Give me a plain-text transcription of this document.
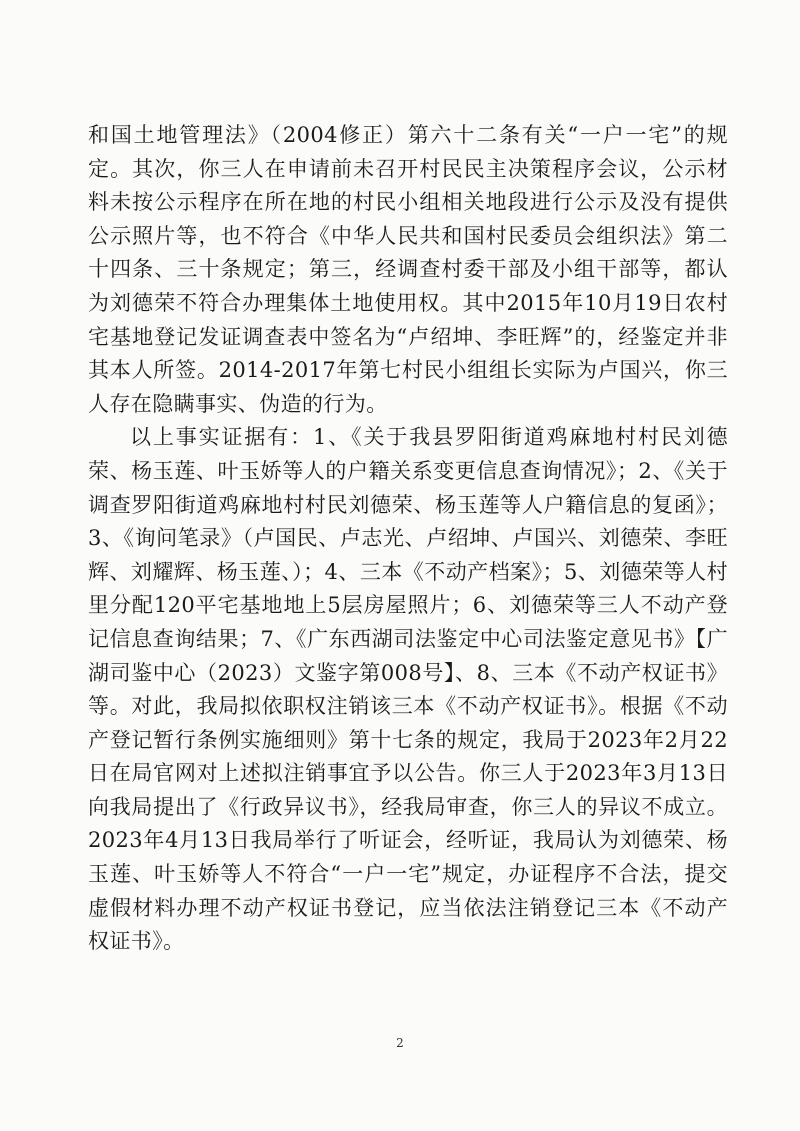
和国土地管理法》（2004修正）第六十二条有关“一户一宅”的规定。其次，你三人在申请前未召开村民民主决策程序会议，公示材料未按公示程序在所在地的村民小组相关地段进行公示及没有提供公示照片等，也不符合《中华人民共和国村民委员会组织法》第二十四条、三十条规定；第三，经调查村委干部及小组干部等，都认为刘德荣不符合办理集体土地使用权。其中2015年10月19日农村宅基地登记发证调查表中签名为“卢绍坤、李旺辉”的，经鉴定并非其本人所签。2014-2017年第七村民小组组长实际为卢国兴，你三人存在隐瞒事实、伪造的行为。

以上事实证据有：1、《关于我县罗阳街道鸡麻地村村民刘德荣、杨玉莲、叶玉娇等人的户籍关系变更信息查询情况》；2、《关于调查罗阳街道鸡麻地村村民刘德荣、杨玉莲等人户籍信息的复函》；3、《询问笔录》（卢国民、卢志光、卢绍坤、卢国兴、刘德荣、李旺辉、刘耀辉、杨玉莲、）；4、三本《不动产档案》；5、刘德荣等人村里分配120平宅基地地上5层房屋照片；6、刘德荣等三人不动产登记信息查询结果；7、《广东西湖司法鉴定中心司法鉴定意见书》【广湖司鉴中心（2023）文鉴字第008号】、8、三本《不动产权证书》等。对此，我局拟依职权注销该三本《不动产权证书》。根据《不动产登记暂行条例实施细则》第十七条的规定，我局于2023年2月22日在局官网对上述拟注销事宜予以公告。你三人于2023年3月13日向我局提出了《行政异议书》，经我局审查，你三人的异议不成立。2023年4月13日我局举行了听证会，经听证，我局认为刘德荣、杨玉莲、叶玉娇等人不符合“一户一宅”规定，办证程序不合法，提交虚假材料办理不动产权证书登记，应当依法注销登记三本《不动产权证书》。

2
